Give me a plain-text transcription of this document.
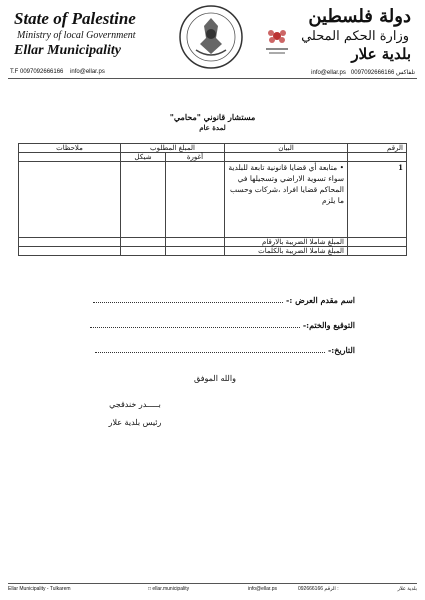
State of Palestine
Ministry of local Government
Ellar Municipality
دولة فلسطين
وزارة الحكم المحلي
بلدية علار
T.F 0097092666166 info@ellar.ps	تلفاكس 0097092666166   info@ellar.ps
مستشار قانوني "محامي"
لمدة عام
الرقم	البيان	المبلغ المطلوب		ملاحظات
		أغورة	شيكل	
1	• متابعة أي قضايا قانونية تابعة للبلدية سواء تسوية الاراضي وتسجيلها في المحاكم قضايا افراد ،شركات وحسب ما يلزم			
	المبلغ شاملا الضريبة بالارقام			
	المبلغ شاملا الضريبة بالكلمات			
اسم مقدم العرض :-
التوقيع والختم:-
التاريخ:-
والله الموفق
بـــــدر خندقجي
رئيس بلدية علار
Ellar Municipality - Tulkarem	□ ellar.municipality	info@ellar.ps	092666166 الرقم :	بلدية علار
